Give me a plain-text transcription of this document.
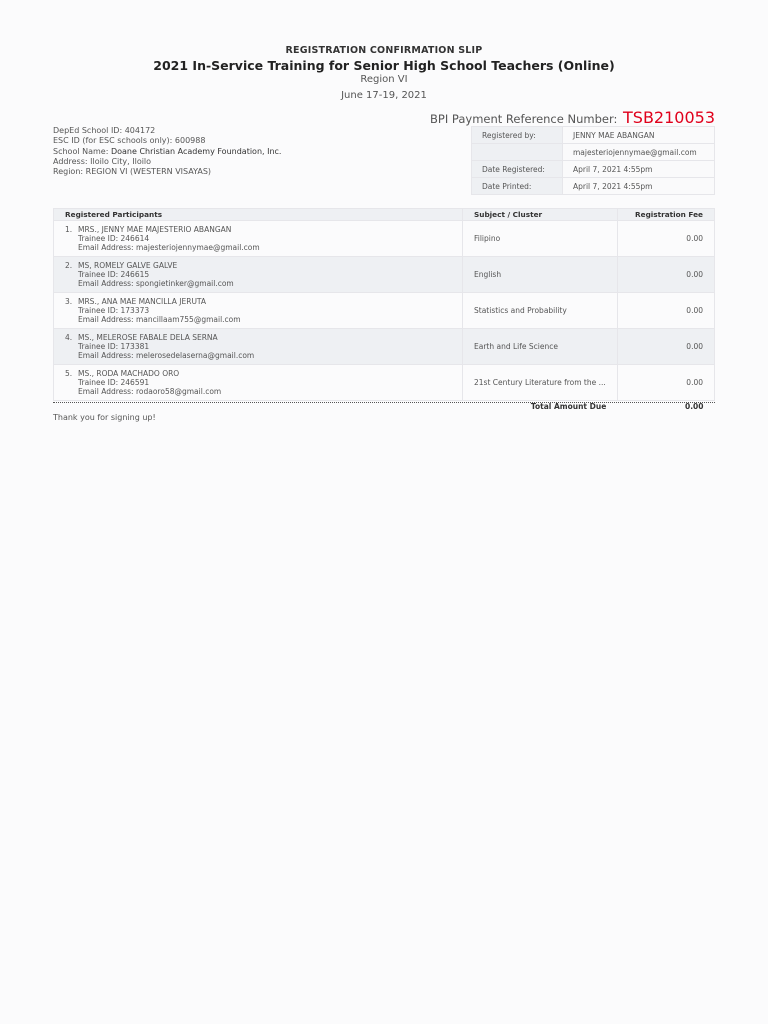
REGISTRATION CONFIRMATION SLIP
2021 In-Service Training for Senior High School Teachers (Online)
Region VI
June 17-19, 2021
BPI Payment Reference Number: TSB210053
DepEd School ID: 404172
ESC ID (for ESC schools only): 600988
School Name: Doane Christian Academy Foundation, Inc.
Address: Iloilo City, Iloilo
Region: REGION VI (WESTERN VISAYAS)
Registered by:	JENNY MAE ABANGAN
	majesteriojennymae@gmail.com
Date Registered:	April 7, 2021 4:55pm
Date Printed:	April 7, 2021 4:55pm
Registered Participants	Subject / Cluster	Registration Fee

1. MRS., JENNY MAE MAJESTERIO ABANGAN
Trainee ID: 246614
Email Address: majesteriojennymae@gmail.com	Filipino	0.00

2. MS, ROMELY GALVE GALVE
Trainee ID: 246615
Email Address: spongietinker@gmail.com	English	0.00

3. MRS., ANA MAE MANCILLA JERUTA
Trainee ID: 173373
Email Address: mancillaam755@gmail.com	Statistics and Probability	0.00

4. MS., MELEROSE FABALE DELA SERNA
Trainee ID: 173381
Email Address: melerosedelaserna@gmail.com	Earth and Life Science	0.00

5. MS., RODA MACHADO ORO
Trainee ID: 246591
Email Address: rodaoro58@gmail.com	21st Century Literature from the ...	0.00
	Total Amount Due	0.00
Thank you for signing up!
